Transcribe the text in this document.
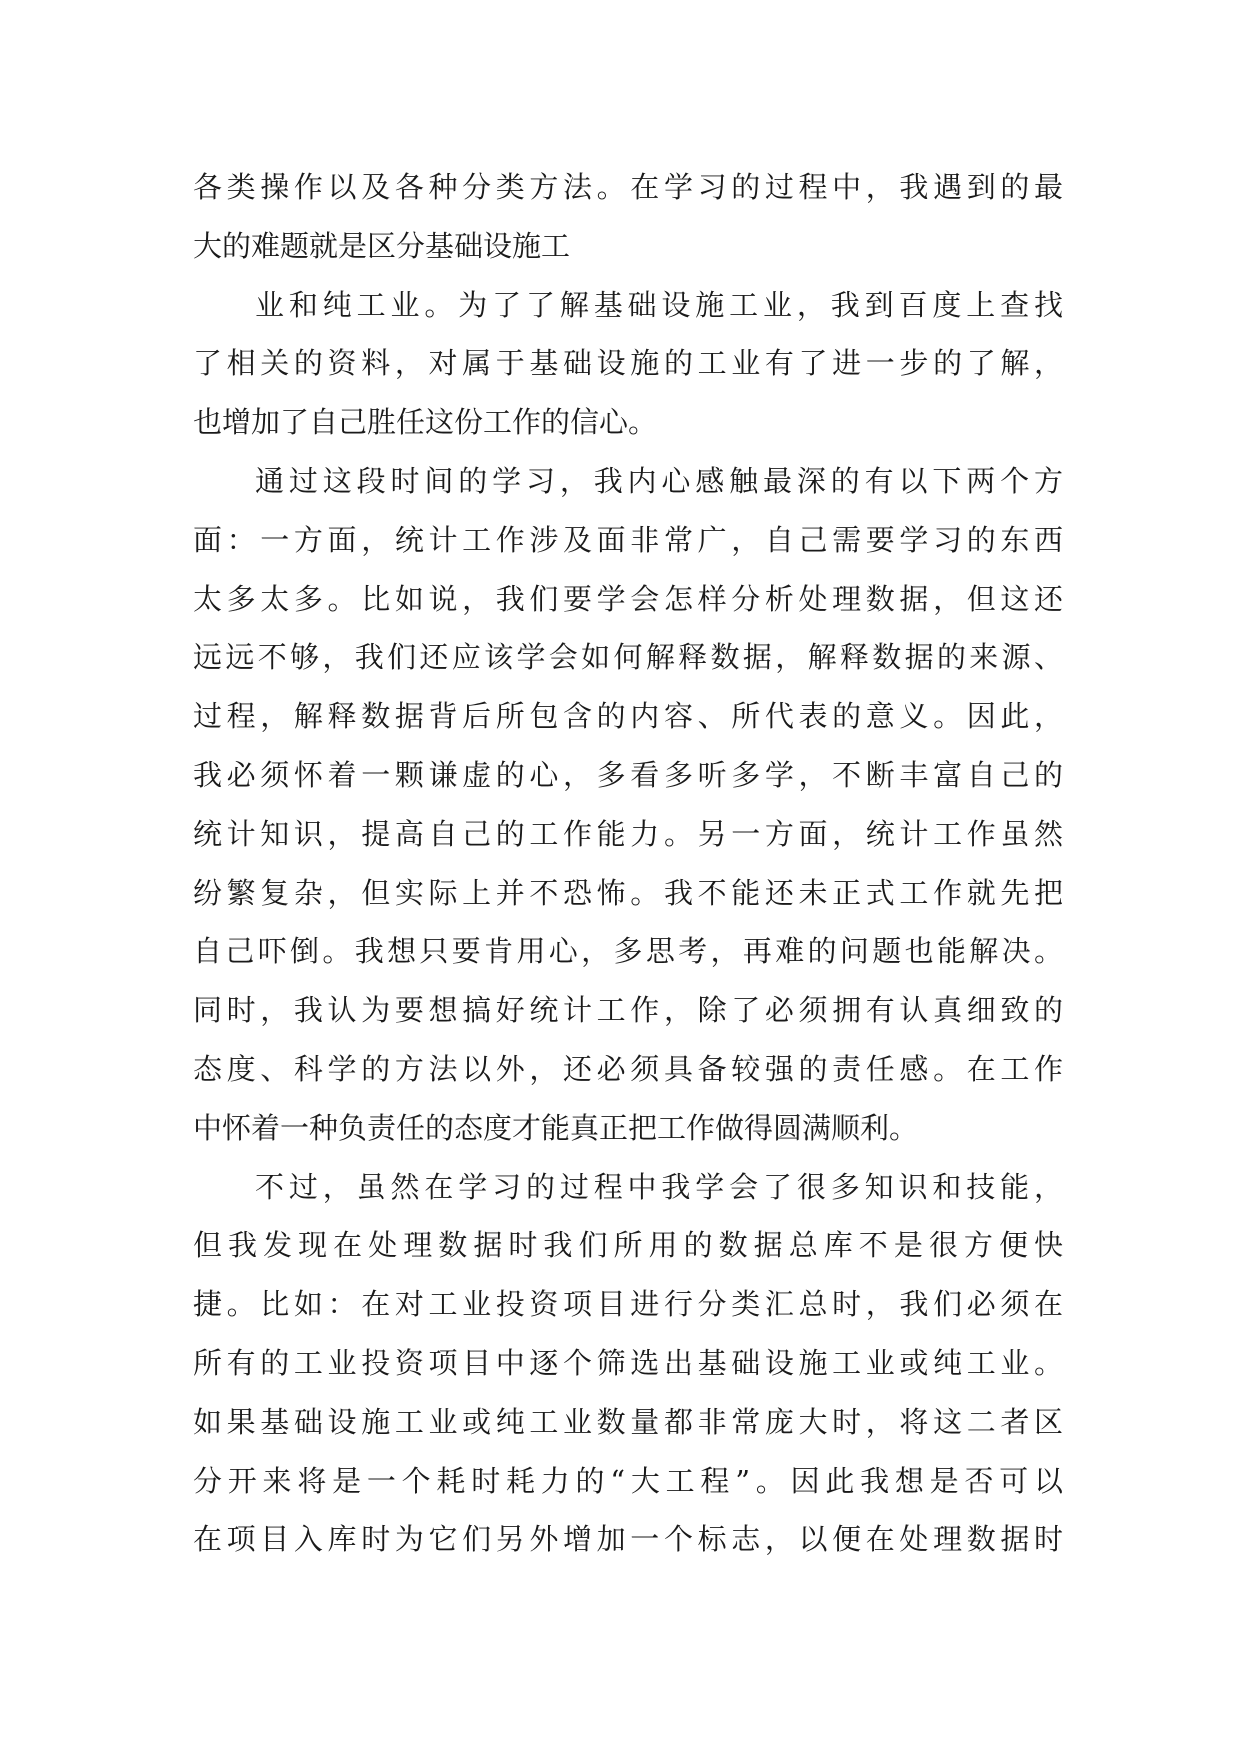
各类操作以及各种分类方法。在学习的过程中，我遇到的最
大的难题就是区分基础设施工
业和纯工业。为了了解基础设施工业，我到百度上查找
了相关的资料，对属于基础设施的工业有了进一步的了解，
也增加了自己胜任这份工作的信心。
通过这段时间的学习，我内心感触最深的有以下两个方
面：一方面，统计工作涉及面非常广，自己需要学习的东西
太多太多。比如说，我们要学会怎样分析处理数据，但这还
远远不够，我们还应该学会如何解释数据，解释数据的来源、
过程，解释数据背后所包含的内容、所代表的意义。因此，
我必须怀着一颗谦虚的心，多看多听多学，不断丰富自己的
统计知识，提高自己的工作能力。另一方面，统计工作虽然
纷繁复杂，但实际上并不恐怖。我不能还未正式工作就先把
自己吓倒。我想只要肯用心，多思考，再难的问题也能解决。
同时，我认为要想搞好统计工作，除了必须拥有认真细致的
态度、科学的方法以外，还必须具备较强的责任感。在工作
中怀着一种负责任的态度才能真正把工作做得圆满顺利。
不过，虽然在学习的过程中我学会了很多知识和技能，
但我发现在处理数据时我们所用的数据总库不是很方便快
捷。比如：在对工业投资项目进行分类汇总时，我们必须在
所有的工业投资项目中逐个筛选出基础设施工业或纯工业。
如果基础设施工业或纯工业数量都非常庞大时，将这二者区
分开来将是一个耗时耗力的“大工程”。因此我想是否可以
在项目入库时为它们另外增加一个标志，以便在处理数据时
